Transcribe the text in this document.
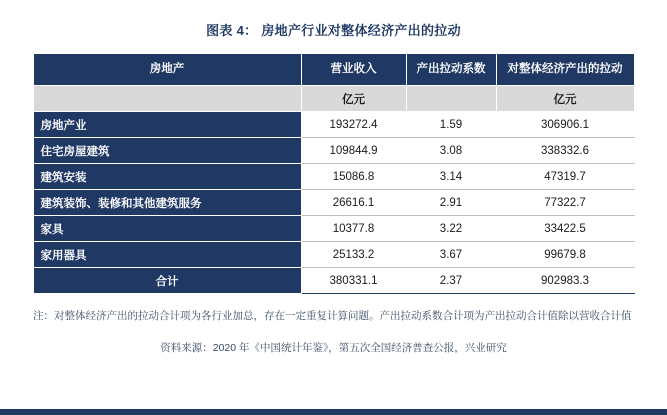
图表 4： 房地产行业对整体经济产出的拉动
房地产	营业收入	产出拉动系数	对整体经济产出的拉动
	亿元		亿元
房地产业	193272.4	1.59	306906.1
住宅房屋建筑	109844.9	3.08	338332.6
建筑安装	15086.8	3.14	47319.7
建筑装饰、装修和其他建筑服务	26616.1	2.91	77322.7
家具	10377.8	3.22	33422.5
家用器具	25133.2	3.67	99679.8
合计	380331.1	2.37	902983.3
注：对整体经济产出的拉动合计项为各行业加总，存在一定重复计算问题。产出拉动系数合计项为产出拉动合计值除以营收合计值
资料来源：2020 年《中国统计年鉴》，第五次全国经济普查公报，兴业研究
